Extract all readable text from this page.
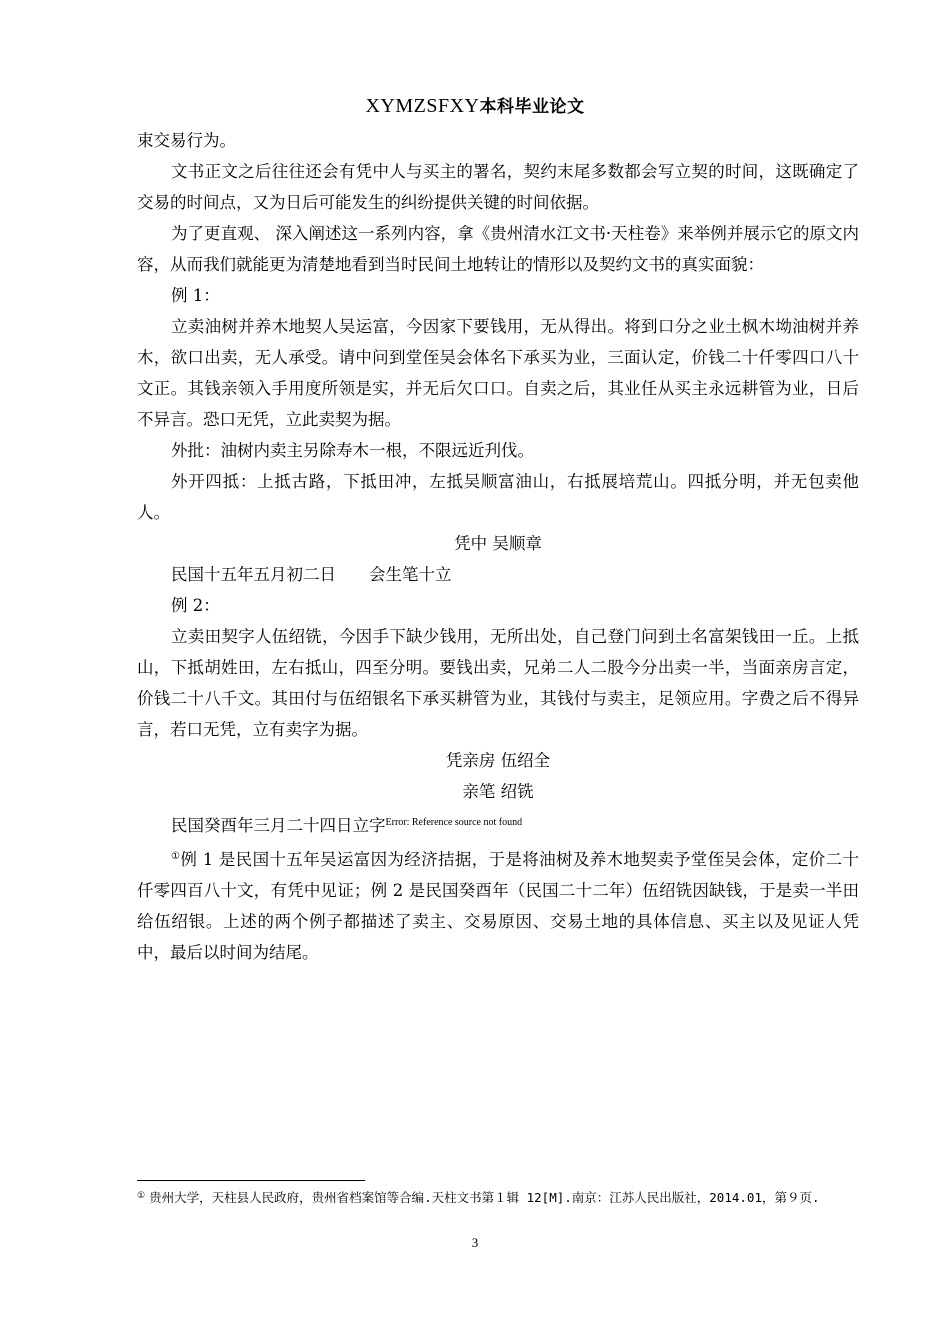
XYMZSFXY本科毕业论文

束交易行为。

文书正文之后往往还会有凭中人与买主的署名，契约末尾多数都会写立契的时间，这既确定了交易的时间点，又为日后可能发生的纠纷提供关键的时间依据。

为了更直观、 深入阐述这一系列内容，拿《贵州清水江文书·天柱卷》来举例并展示它的原文内容，从而我们就能更为清楚地看到当时民间土地转让的情形以及契约文书的真实面貌：

例 1：

立卖油树并养木地契人吴运富，今因家下要钱用，无从得出。将到口分之业土枫木坳油树并养木，欲口出卖，无人承受。请中问到堂侄吴会体名下承买为业，三面认定，价钱二十仟零四口八十文正。其钱亲领入手用度所领是实，并无后欠口口。自卖之后，其业任从买主永远耕管为业，日后不异言。恐口无凭，立此卖契为据。

外批：油树内卖主另除寿木一根，不限远近刋伐。

外开四抵：上抵古路，下抵田冲，左抵吴顺富油山，右抵展培荒山。四抵分明，并无包卖他人。

凭中 吴顺章

民国十五年五月初二日　　会生笔十立

例 2：

立卖田契字人伍绍铣，今因手下缺少钱用，无所出处，自己登门问到土名富架钱田一丘。上抵山，下抵胡姓田，左右抵山，四至分明。要钱出卖，兄弟二人二股今分出卖一半，当面亲房言定，价钱二十八千文。其田付与伍绍银名下承买耕管为业，其钱付与卖主，足领应用。字费之后不得异言，若口无凭，立有卖字为据。

凭亲房 伍绍全

亲笔 绍铣

民国癸酉年三月二十四日立字$^{Error: Reference source not found}$

①例 1 是民国十五年吴运富因为经济拮据，于是将油树及养木地契卖予堂侄吴会体，定价二十仟零四百八十文，有凭中见证；例 2 是民国癸酉年（民国二十二年）伍绍铣因缺钱，于是卖一半田给伍绍银。上述的两个例子都描述了卖主、交易原因、交易土地的具体信息、买主以及见证人凭中，最后以时间为结尾。

① 贵州大学，天柱县人民政府，贵州省档案馆等合编.天柱文书第１辑 12[M].南京：江苏人民出版社，2014.01，第９页.
3
